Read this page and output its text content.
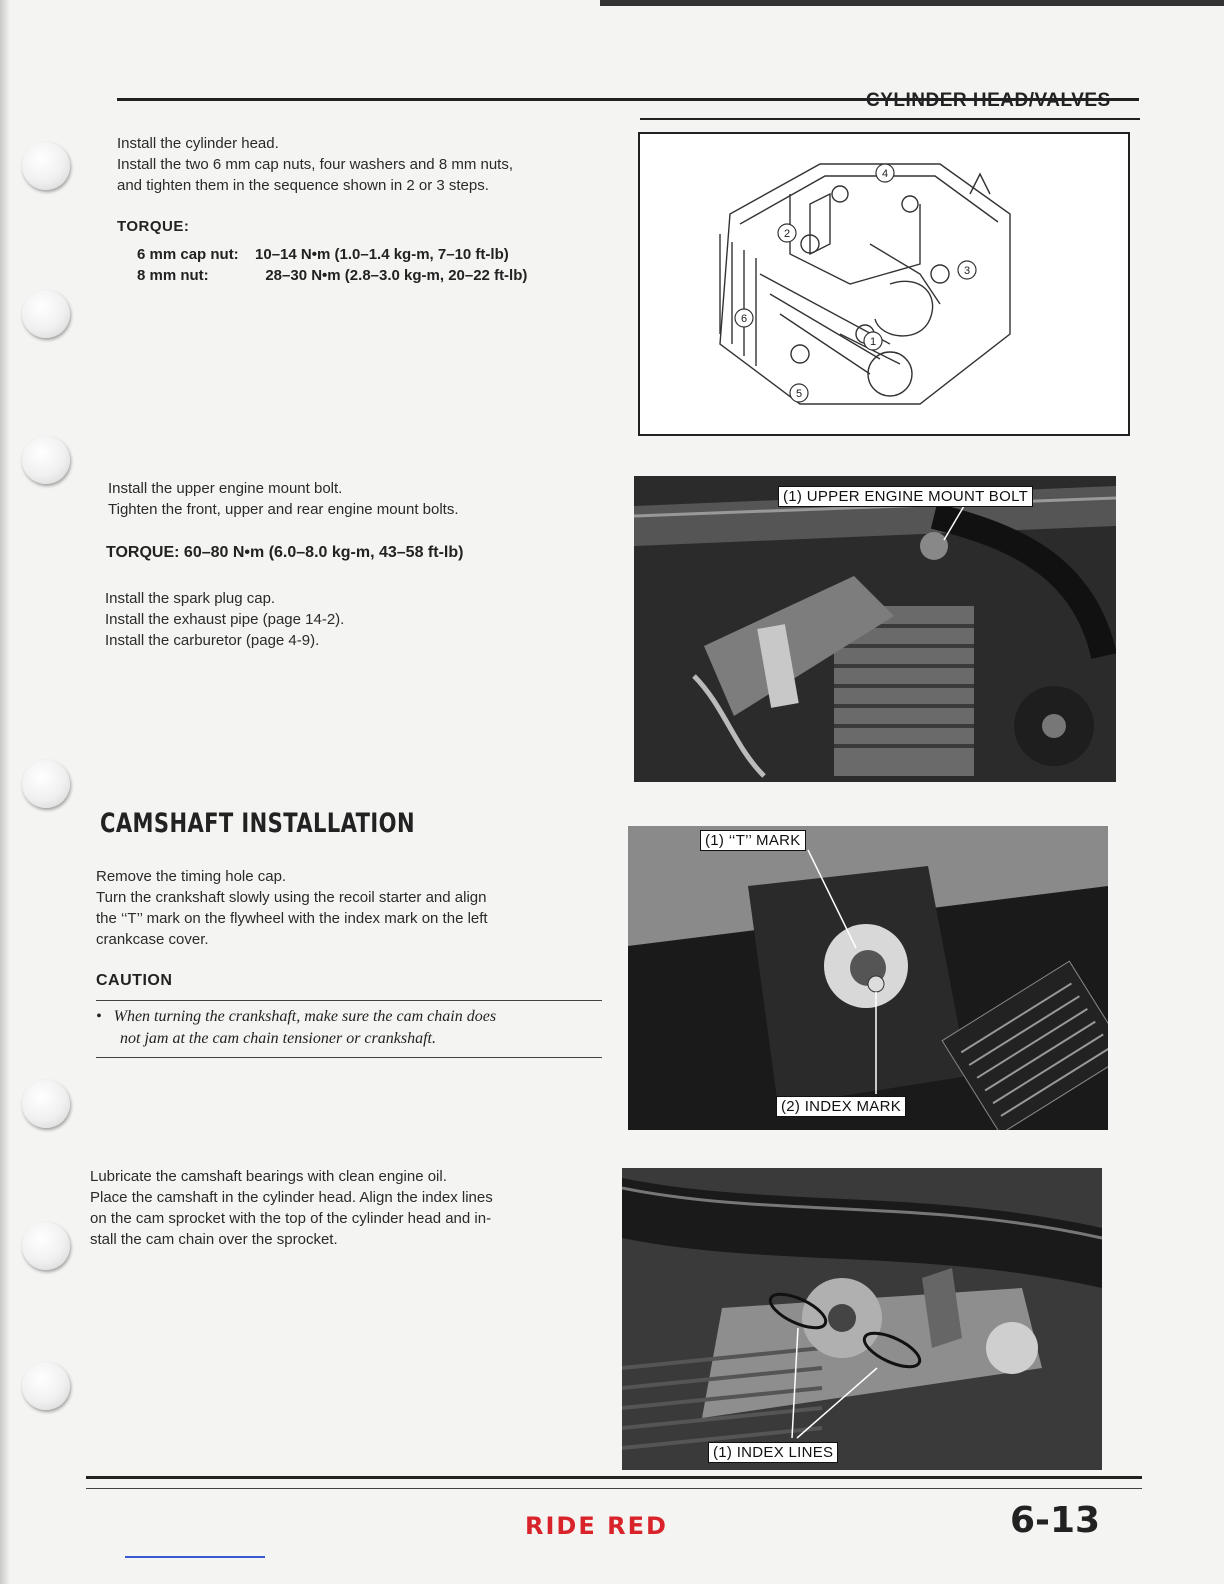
Install the cylinder head.
Install the two 6 mm cap nuts, four washers and 8 mm nuts,
and tighten them in the sequence shown in 2 or 3 steps.
TORQUE:
6 mm cap nut: 10–14 N•m (1.0–1.4 kg-m, 7–10 ft-lb)
8 mm nut:	28–30 N•m (2.8–3.0 kg-m, 20–22 ft-lb)
1
2
3
4
5
6
Install the upper engine mount bolt.
Tighten the front, upper and rear engine mount bolts.
TORQUE: 60–80 N•m (6.0–8.0 kg-m, 43–58 ft-lb)
Install the spark plug cap.
Install the exhaust pipe (page 14-2).
Install the carburetor (page 4-9).
(1) UPPER ENGINE MOUNT BOLT
CAMSHAFT INSTALLATION
Remove the timing hole cap.
Turn the crankshaft slowly using the recoil starter and align
the ‘‘T’’ mark on the flywheel with the index mark on the left
crankcase cover.
CAUTION
•   When turning the crankshaft, make sure the cam chain does
not jam at the cam chain tensioner or crankshaft.
(1) ‘‘T’’ MARK
(2) INDEX MARK
Lubricate the camshaft bearings with clean engine oil.
Place the camshaft in the cylinder head. Align the index lines
on the cam sprocket with the top of the cylinder head and in-
stall the cam chain over the sprocket.
(1) INDEX LINES
RIDE RED	6-13
